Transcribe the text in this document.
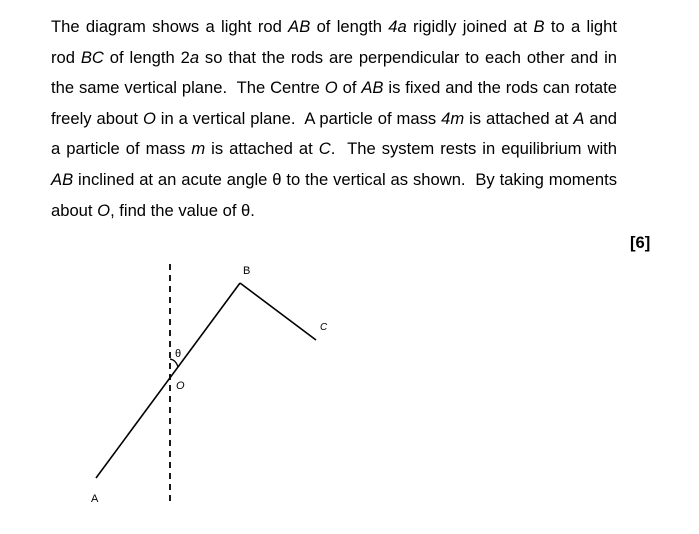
The diagram shows a light rod AB of length 4a rigidly joined at B to a light rod BC of length 2a so that the rods are perpendicular to each other and in the same vertical plane.  The Centre O of AB is fixed and the rods can rotate freely about O in a vertical plane.  A particle of mass 4m is attached at A and a particle of mass m is attached at C.  The system rests in equilibrium with AB inclined at an acute angle θ to the vertical as shown.  By taking moments about O, find the value of θ.
[6]
A
B
C
O
θ
